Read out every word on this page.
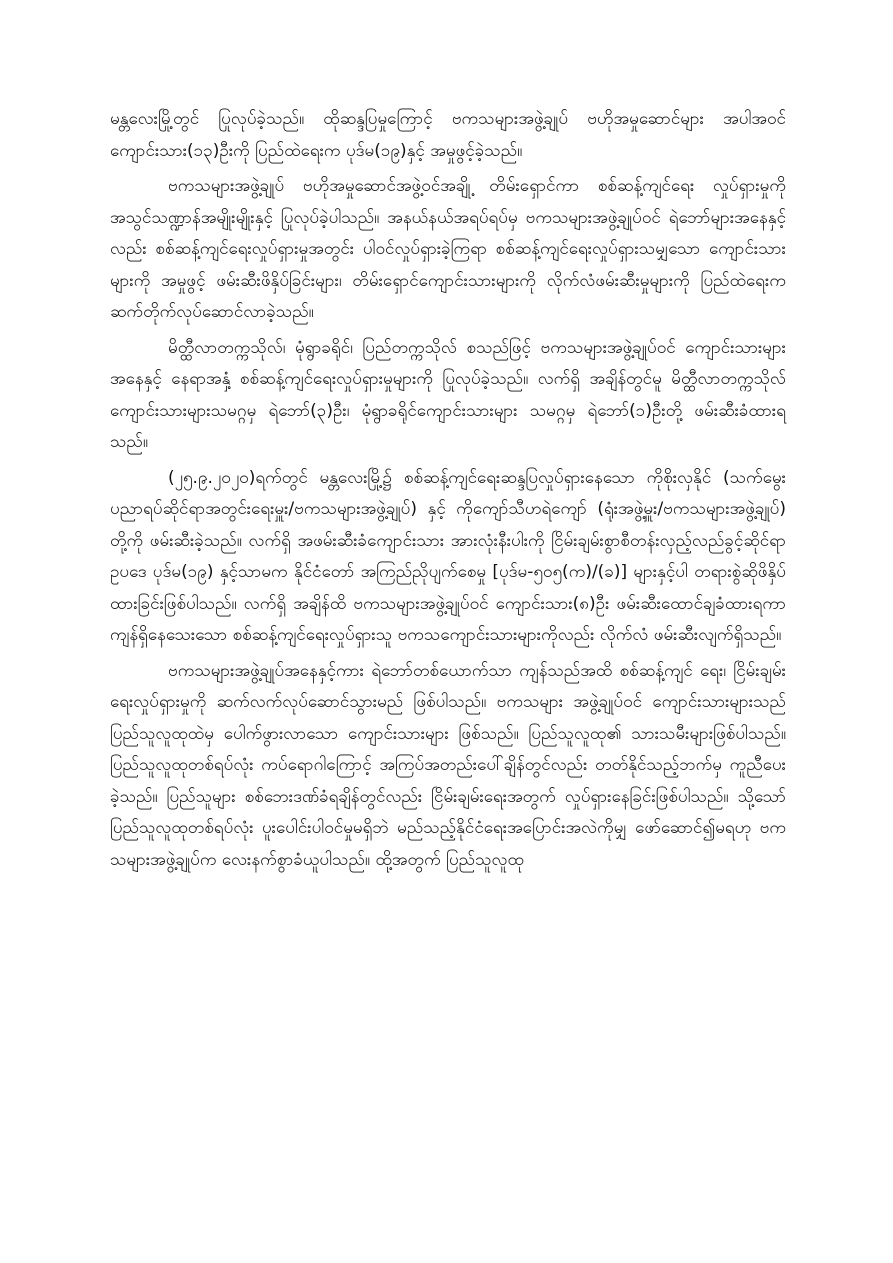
မန္တလေးမြို့တွင် ပြုလုပ်ခဲ့သည်။ ထိုဆန္ဒပြမှုကြောင့် ဗကသများအဖွဲ့ချုပ် ဗဟိုအမှုဆောင်များ အပါအဝင် ကျောင်းသား(၁၃)ဦးကို ပြည်ထဲရေးက ပုဒ်မ(၁၉)နှင့် အမှုဖွင့်ခဲ့သည်။

ဗကသများအဖွဲ့ချုပ် ဗဟိုအမှုဆောင်အဖွဲ့ဝင်အချို့ တိမ်းရှောင်ကာ စစ်ဆန့်ကျင်ရေး လှုပ်ရှားမှုကို အသွင်သဏ္ဍာန်အမျိုးမျိုးနှင့် ပြုလုပ်ခဲ့ပါသည်။ အနယ်နယ်အရပ်ရပ်မှ ဗကသများအဖွဲ့ချုပ်ဝင် ရဲဘော်များအနေနှင့်လည်း စစ်ဆန့်ကျင်ရေးလှုပ်ရှားမှုအတွင်း ပါဝင်လှုပ်ရှားခဲ့ကြရာ စစ်ဆန့်ကျင်ရေးလှုပ်ရှားသမျှသော ကျောင်းသားများကို အမှုဖွင့် ဖမ်းဆီးဖိနှိပ်ခြင်းများ၊ တိမ်းရှောင်ကျောင်းသားများကို လိုက်လံဖမ်းဆီးမှုများကို ပြည်ထဲရေးက ဆက်တိုက်လုပ်ဆောင်လာခဲ့သည်။

မိတ္ထီလာတက္ကသိုလ်၊ မုံရွာခရိုင်၊ ပြည်တက္ကသိုလ် စသည်ဖြင့် ဗကသများအဖွဲ့ချုပ်ဝင် ကျောင်းသားများအနေနှင့် နေရာအနှံ့ စစ်ဆန့်ကျင်ရေးလှုပ်ရှားမှုများကို ပြုလုပ်ခဲ့သည်။ လက်ရှိ အချိန်တွင်မူ မိတ္ထီလာတက္ကသိုလ်ကျောင်းသားများသမဂ္ဂမှ ရဲဘော်(၃)ဦး၊ မုံရွာခရိုင်ကျောင်းသားများ သမဂ္ဂမှ ရဲဘော်(၁)ဦးတို့ ဖမ်းဆီးခံထားရသည်။

(၂၅.၉.၂၀၂၀)ရက်တွင် မန္တလေးမြို့၌ စစ်ဆန့်ကျင်ရေးဆန္ဒပြလှုပ်ရှားနေသော ကိုစိုးလှနိုင် (သက်မွေးပညာရပ်ဆိုင်ရာအတွင်းရေးမှူး/ဗကသများအဖွဲ့ချုပ်) နှင့် ကိုကျော်သီဟရဲကျော် (ရုံးအဖွဲ့မှူး/ဗကသများအဖွဲ့ချုပ်) တို့ကို ဖမ်းဆီးခဲ့သည်။ လက်ရှိ အဖမ်းဆီးခံကျောင်းသား အားလုံးနီးပါးကို ငြိမ်းချမ်းစွာစီတန်းလှည့်လည်ခွင့်ဆိုင်ရာဥပဒေ ပုဒ်မ(၁၉) နှင့်သာမက နိုင်ငံတော် အကြည်ညိုပျက်စေမှု [ပုဒ်မ-၅၀၅(က)/(ခ)] များနှင့်ပါ တရားစွဲဆိုဖိနှိပ်ထားခြင်းဖြစ်ပါသည်။ လက်ရှိ အချိန်ထိ ဗကသများအဖွဲ့ချုပ်ဝင် ကျောင်းသား(၈)ဦး ဖမ်းဆီးထောင်ချခံထားရကာ ကျန်ရှိနေသေးသော စစ်ဆန့်ကျင်ရေးလှုပ်ရှားသူ ဗကသကျောင်းသားများကိုလည်း လိုက်လံ ဖမ်းဆီးလျက်ရှိသည်။

ဗကသများအဖွဲ့ချုပ်အနေနှင့်ကား ရဲဘော်တစ်ယောက်သာ ကျန်သည်အထိ စစ်ဆန့်ကျင် ရေး၊ ငြိမ်းချမ်းရေးလှုပ်ရှားမှုကို ဆက်လက်လုပ်ဆောင်သွားမည် ဖြစ်ပါသည်။ ဗကသများ အဖွဲ့ချုပ်ဝင် ကျောင်းသားများသည် ပြည်သူလူထုထဲမှ ပေါက်ဖွားလာသော ကျောင်းသားများ ဖြစ်သည်။ ပြည်သူလူထု၏ သားသမီးများဖြစ်ပါသည်။ ပြည်သူလူထုတစ်ရပ်လုံး ကပ်ရောဂါကြောင့် အကြပ်အတည်းပေါ်ချိန်တွင်လည်း တတ်နိုင်သည့်ဘက်မှ ကူညီပေးခဲ့သည်။ ပြည်သူများ စစ်ဘေးဒဏ်ခံရချိန်တွင်လည်း ငြိမ်းချမ်းရေးအတွက် လှုပ်ရှားနေခြင်းဖြစ်ပါသည်။ သို့သော် ပြည်သူလူထုတစ်ရပ်လုံး ပူးပေါင်းပါဝင်မှုမရှိဘဲ မည်သည့်နိုင်ငံရေးအပြောင်းအလဲကိုမျှ ဖော်ဆောင်၍မရဟု ဗကသများအဖွဲ့ချုပ်က လေးနက်စွာခံယူပါသည်။ ထို့အတွက် ပြည်သူလူထု
